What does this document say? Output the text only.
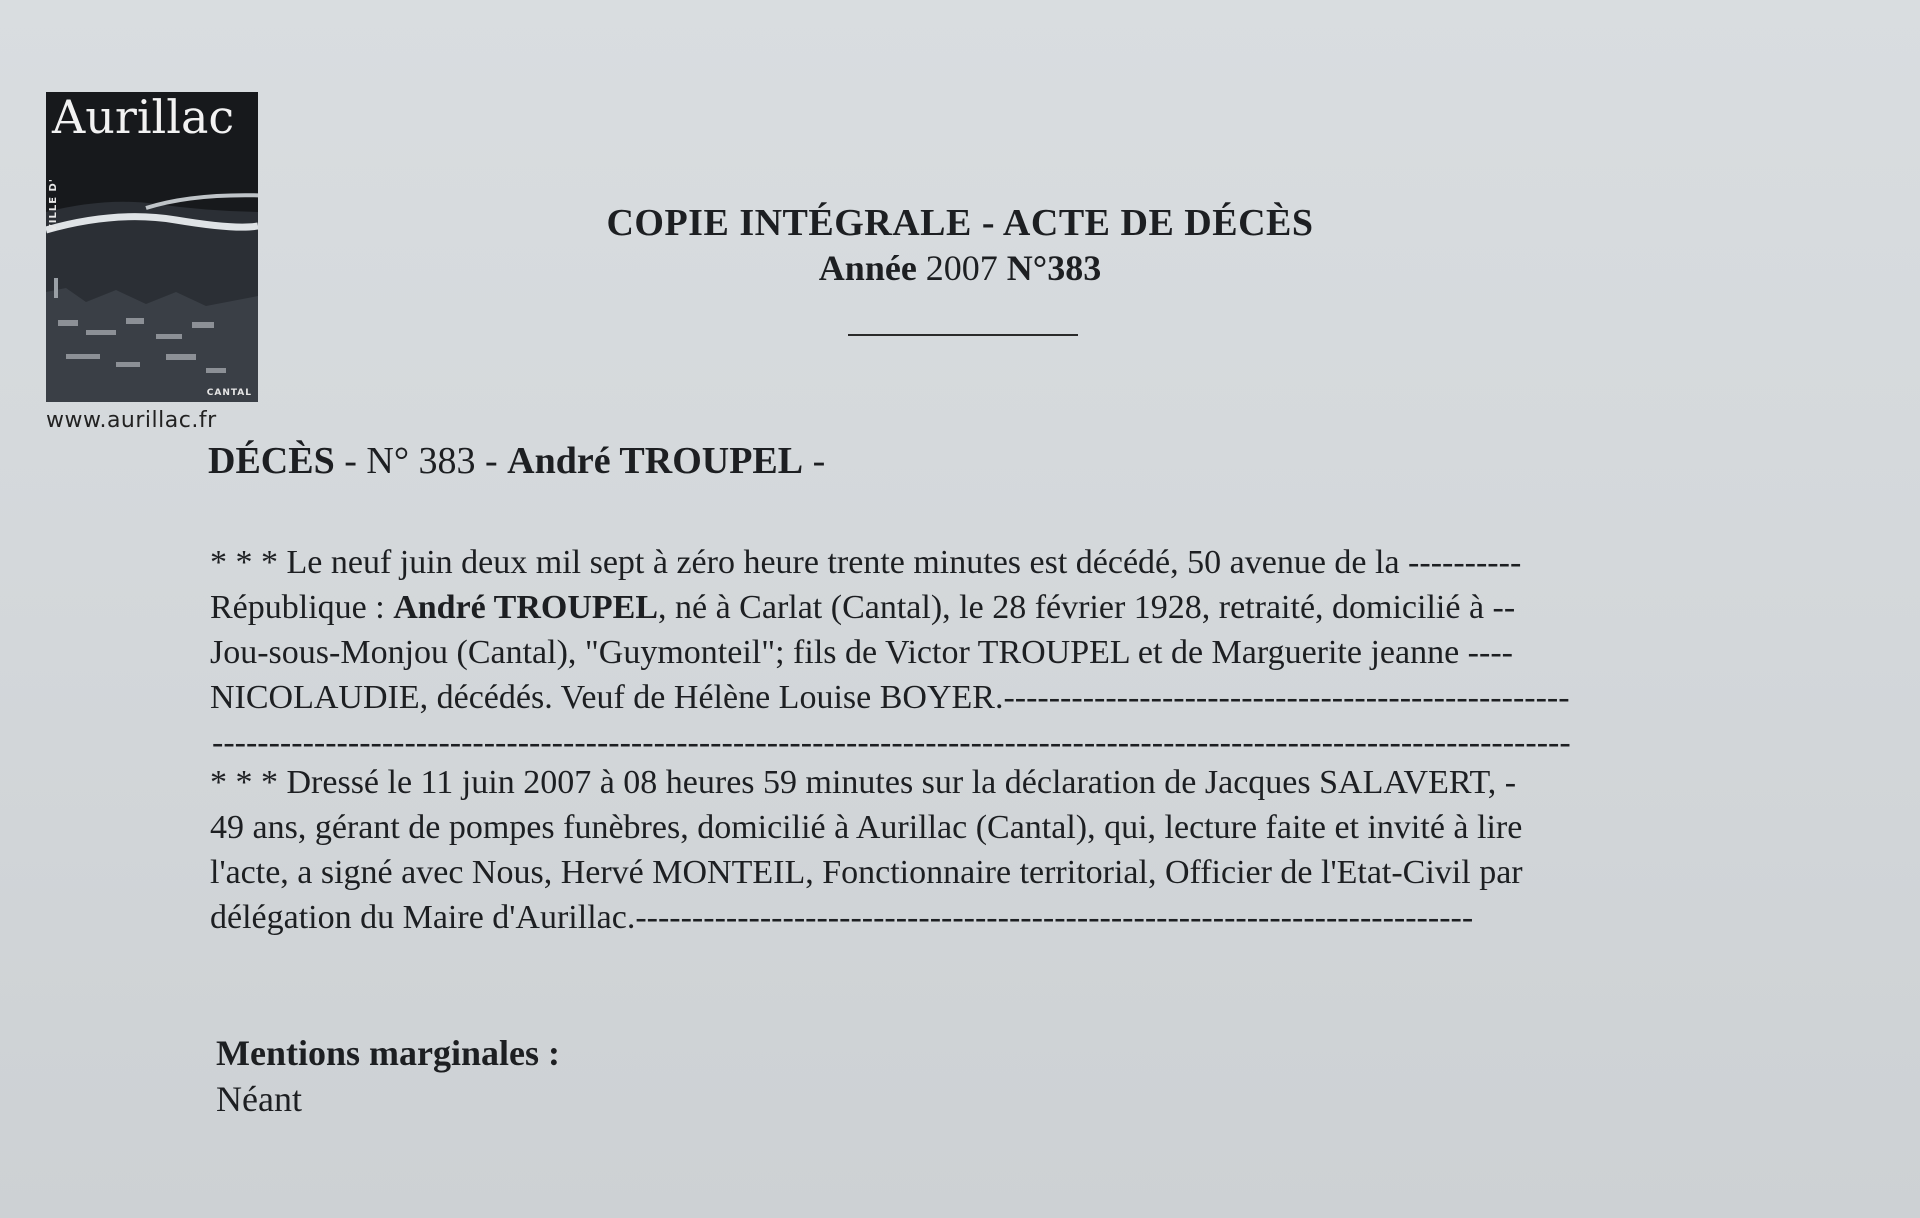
Aurillac
VILLE D'
CANTAL
www.aurillac.fr

COPIE INTÉGRALE - ACTE DE DÉCÈS

Année 2007 N°383

DÉCÈS - N° 383 - André TROUPEL -
* * * Le neuf juin deux mil sept à zéro heure trente minutes est décédé, 50 avenue de la ----------
République : André TROUPEL, né à Carlat (Cantal), le 28 février 1928, retraité, domicilié à --
Jou-sous-Monjou (Cantal), "Guymonteil"; fils de Victor TROUPEL et de Marguerite jeanne ----
NICOLAUDIE, décédés. Veuf de Hélène Louise BOYER.--------------------------------------------------
------------------------------------------------------------------------------------------------------------------------
* * * Dressé le 11 juin 2007 à 08 heures 59 minutes sur la déclaration de Jacques SALAVERT, -
49 ans, gérant de pompes funèbres, domicilié à Aurillac (Cantal), qui, lecture faite et invité à lire
l'acte, a signé avec Nous, Hervé MONTEIL, Fonctionnaire territorial, Officier de l'Etat-Civil par
délégation du Maire d'Aurillac.--------------------------------------------------------------------------

Mentions marginales :

Néant
